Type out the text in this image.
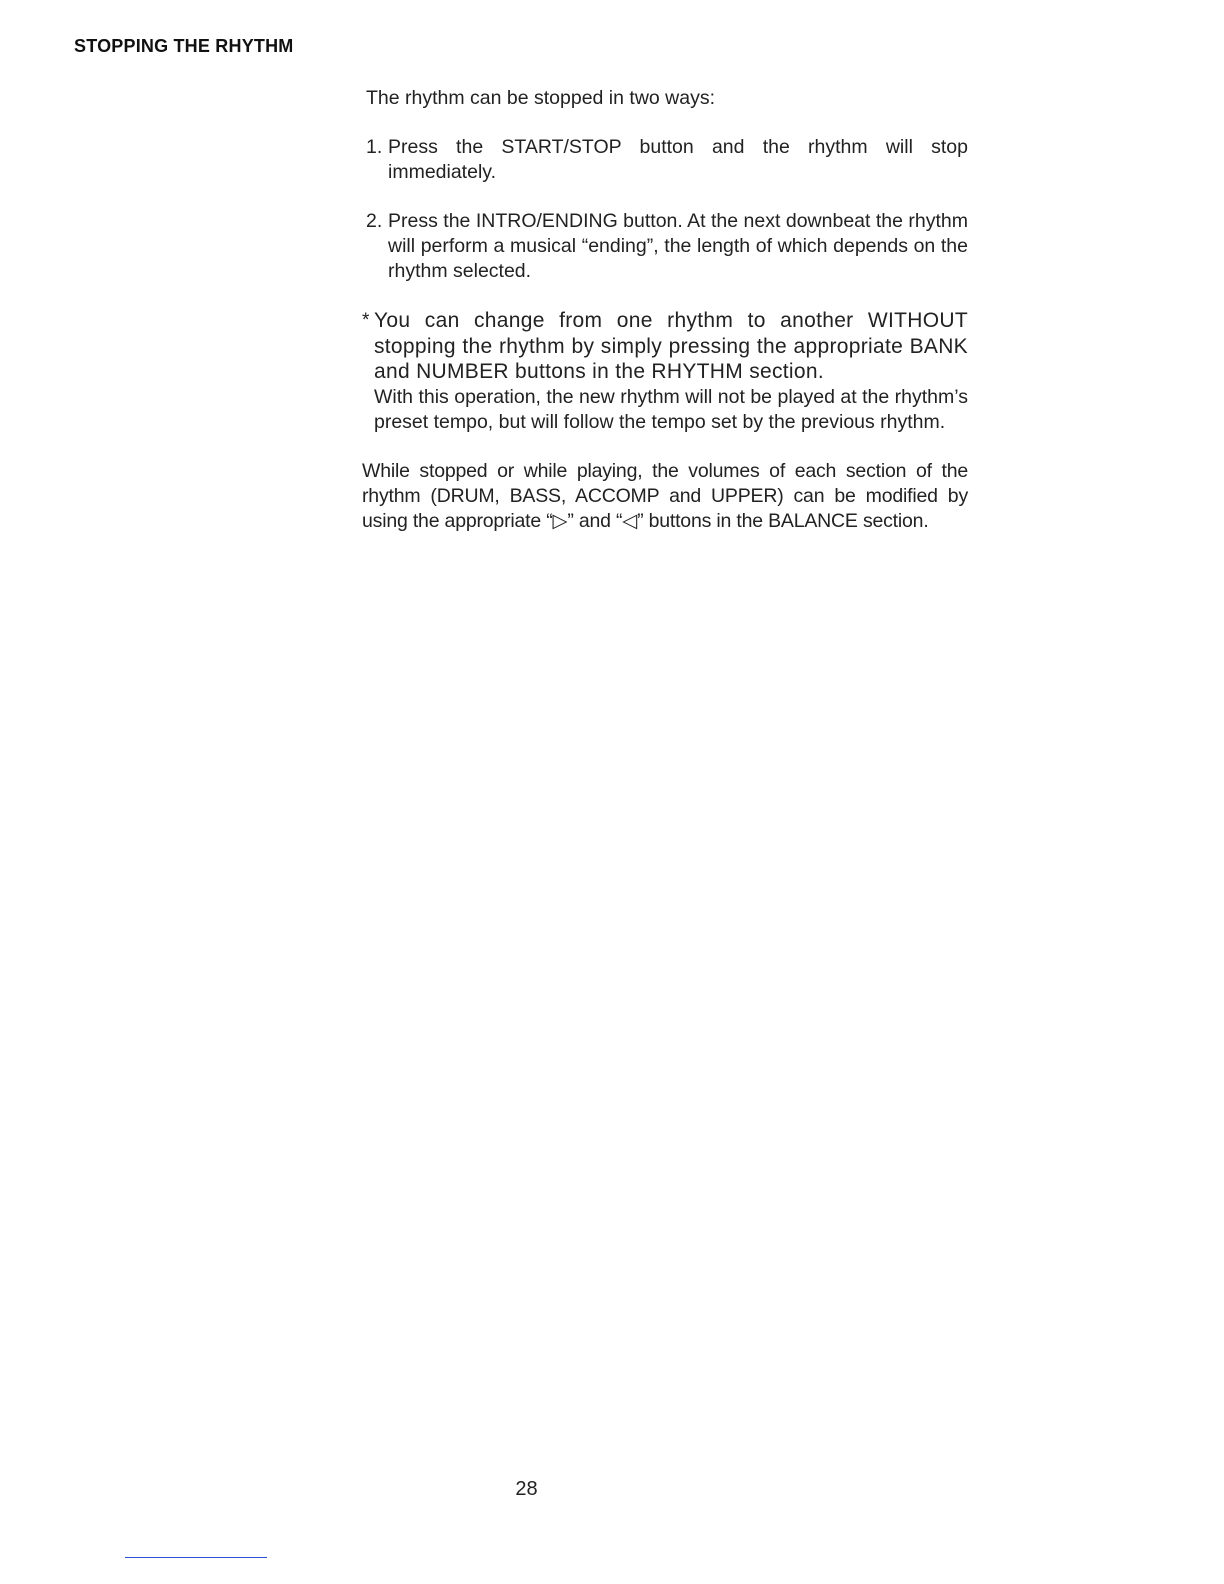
STOPPING THE RHYTHM

The rhythm can be stopped in two ways:

1. Press the START/STOP button and the rhythm will stop immediately.
2. Press the INTRO/ENDING button. At the next downbeat the rhythm will perform a musical “ending”, the length of which depends on the rhythm selected.
* You can change from one rhythm to another WITHOUT stopping the rhythm by simply pressing the appropriate BANK and NUMBER buttons in the RHYTHM section.
With this operation, the new rhythm will not be played at the rhythm’s preset tempo, but will follow the tempo set by the previous rhythm.

While stopped or while playing, the volumes of each section of the rhythm (DRUM, BASS, ACCOMP and UPPER) can be modified by using the appropriate “▷” and “◁” buttons in the BALANCE section.

28
